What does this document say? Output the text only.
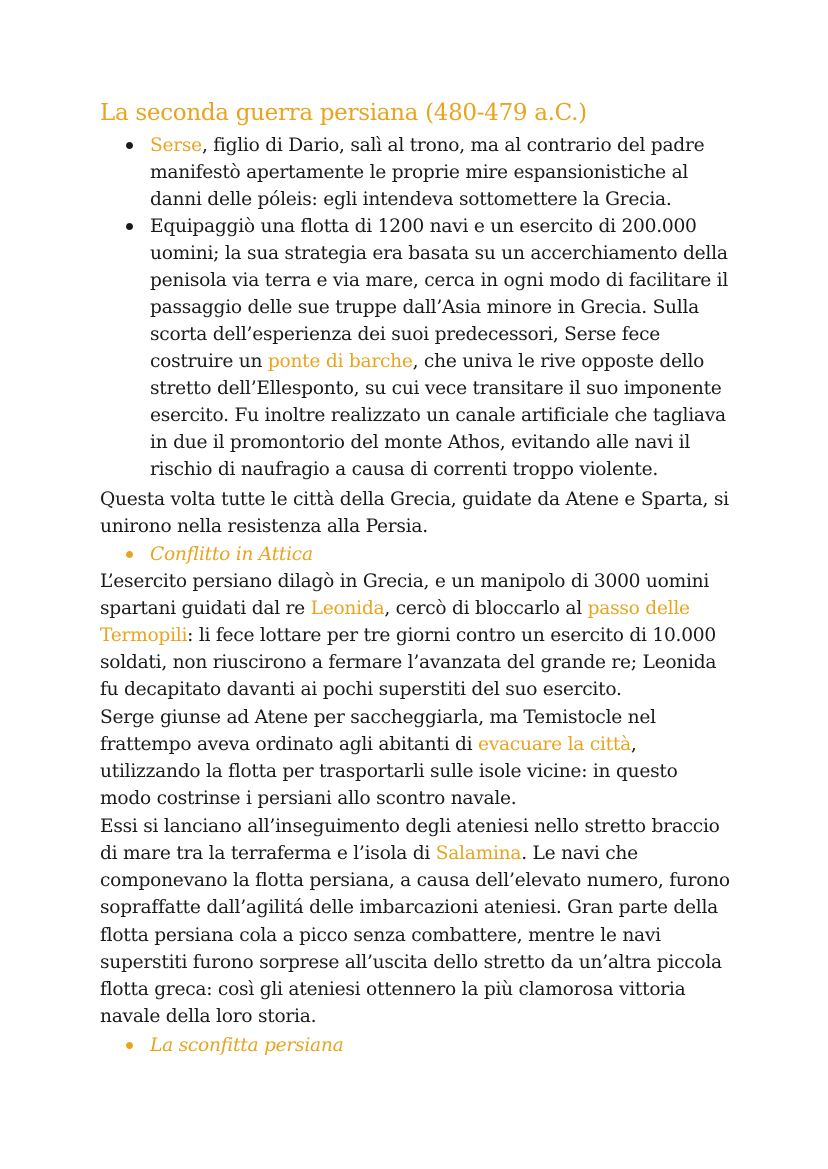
La seconda guerra persiana (480-479 a.C.)

Serse, figlio di Dario, salì al trono, ma al contrario del padre

manifestò apertamente le proprie mire espansionistiche al

danni delle póleis: egli intendeva sottomettere la Grecia.

Equipaggiò una flotta di 1200 navi e un esercito di 200.000

uomini; la sua strategia era basata su un accerchiamento della

penisola via terra e via mare, cerca in ogni modo di facilitare il

passaggio delle sue truppe dall’Asia minore in Grecia. Sulla

scorta dell’esperienza dei suoi predecessori, Serse fece

costruire un ponte di barche, che univa le rive opposte dello

stretto dell’Ellesponto, su cui vece transitare il suo imponente

esercito. Fu inoltre realizzato un canale artificiale che tagliava

in due il promontorio del monte Athos, evitando alle navi il

rischio di naufragio a causa di correnti troppo violente.

Questa volta tutte le città della Grecia, guidate da Atene e Sparta, si

unirono nella resistenza alla Persia.

Conflitto in Attica

L’esercito persiano dilagò in Grecia, e un manipolo di 3000 uomini

spartani guidati dal re Leonida, cercò di bloccarlo al passo delle

Termopili: li fece lottare per tre giorni contro un esercito di 10.000

soldati, non riuscirono a fermare l’avanzata del grande re; Leonida

fu decapitato davanti ai pochi superstiti del suo esercito.

Serge giunse ad Atene per saccheggiarla, ma Temistocle nel

frattempo aveva ordinato agli abitanti di evacuare la città,

utilizzando la flotta per trasportarli sulle isole vicine: in questo

modo costrinse i persiani allo scontro navale.

Essi si lanciano all’inseguimento degli ateniesi nello stretto braccio

di mare tra la terraferma e l’isola di Salamina. Le navi che

componevano la flotta persiana, a causa dell’elevato numero, furono

sopraffatte dall’agilitá delle imbarcazioni ateniesi. Gran parte della

flotta persiana cola a picco senza combattere, mentre le navi

superstiti furono sorprese all’uscita dello stretto da un’altra piccola

flotta greca: così gli ateniesi ottennero la più clamorosa vittoria

navale della loro storia.

La sconfitta persiana
